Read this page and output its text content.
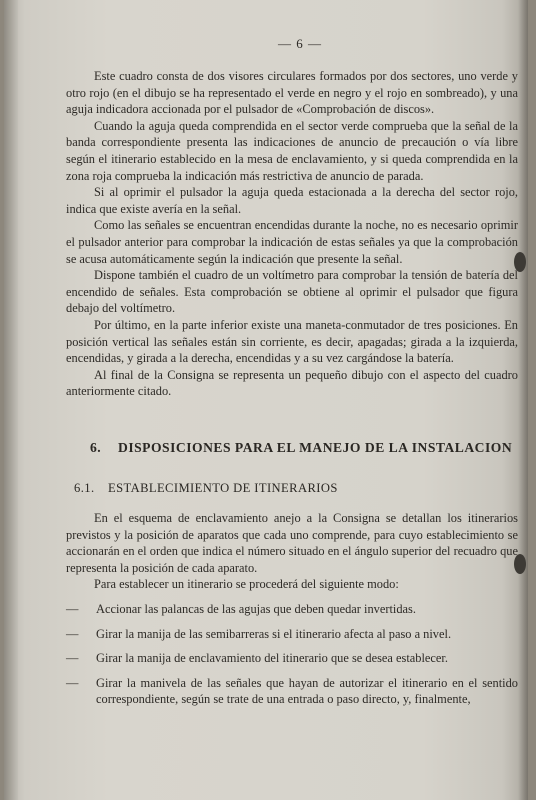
— 6 —

Este cuadro consta de dos visores circulares formados por dos sectores, uno verde y otro rojo (en el dibujo se ha representado el verde en negro y el rojo en sombreado), y una aguja indicadora accionada por el pulsador de «Comprobación de discos».

Cuando la aguja queda comprendida en el sector verde comprueba que la señal de la banda correspondiente presenta las indicaciones de anuncio de precaución o vía libre según el itinerario establecido en la mesa de enclavamiento, y si queda comprendida en la zona roja comprueba la indicación más restrictiva de anuncio de parada.

Si al oprimir el pulsador la aguja queda estacionada a la derecha del sector rojo, indica que existe avería en la señal.

Como las señales se encuentran encendidas durante la noche, no es necesario oprimir el pulsador anterior para comprobar la indicación de estas señales ya que la comprobación se acusa automáticamente según la indicación que presente la señal.

Dispone también el cuadro de un voltímetro para comprobar la tensión de batería del encendido de señales. Esta comprobación se obtiene al oprimir el pulsador que figura debajo del voltímetro.

Por último, en la parte inferior existe una maneta-conmutador de tres posiciones. En posición vertical las señales están sin corriente, es decir, apagadas; girada a la izquierda, encendidas, y girada a la derecha, encendidas y a su vez cargándose la batería.

Al final de la Consigna se representa un pequeño dibujo con el aspecto del cuadro anteriormente citado.

6. DISPOSICIONES PARA EL MANEJO DE LA INSTALACION
6.1. ESTABLECIMIENTO DE ITINERARIOS

En el esquema de enclavamiento anejo a la Consigna se detallan los itinerarios previstos y la posición de aparatos que cada uno comprende, para cuyo establecimiento se accionarán en el orden que indica el número situado en el ángulo superior del recuadro que representa la posición de cada aparato.

Para establecer un itinerario se procederá del siguiente modo:

—	Accionar las palancas de las agujas que deben quedar invertidas.
—	Girar la manija de las semibarreras si el itinerario afecta al paso a nivel.
—	Girar la manija de enclavamiento del itinerario que se desea establecer.
—	Girar la manivela de las señales que hayan de autorizar el itinerario en el sentido correspondiente, según se trate de una entrada o paso directo, y, finalmente,
